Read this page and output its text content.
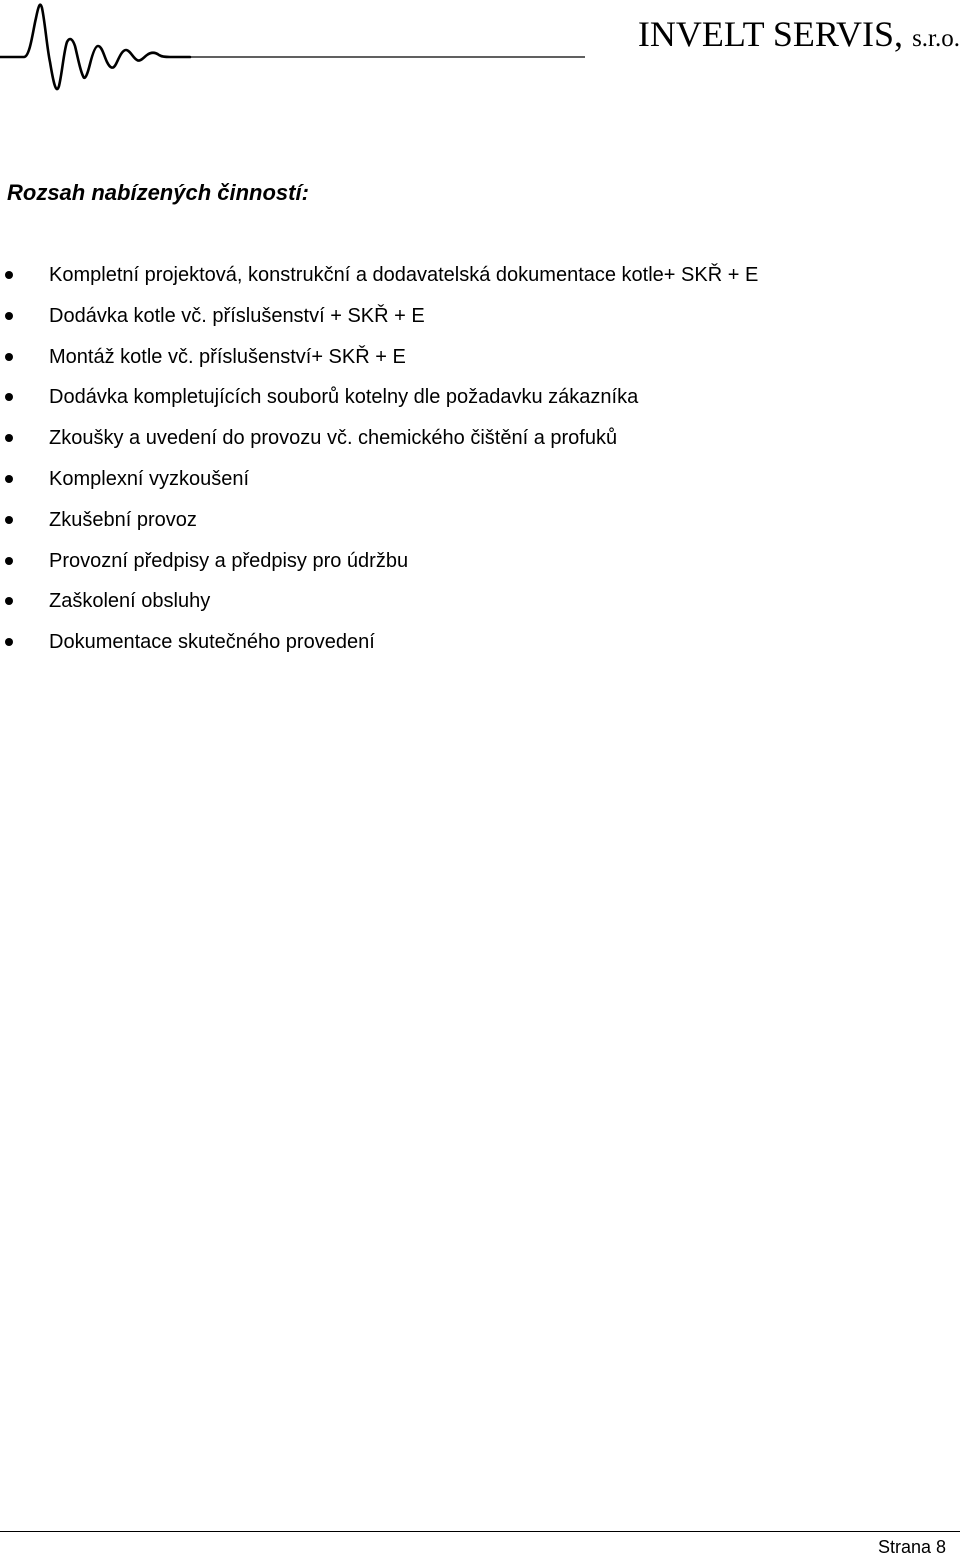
INVELT SERVIS, s.r.o.
Rozsah nabízených činností:
Kompletní projektová, konstrukční a dodavatelská dokumentace kotle+ SKŘ + E
Dodávka kotle vč. příslušenství + SKŘ + E
Montáž kotle vč. příslušenství+ SKŘ + E
Dodávka kompletujících souborů kotelny dle požadavku zákazníka
Zkoušky a uvedení do provozu vč. chemického čištění a profuků
Komplexní vyzkoušení
Zkušební provoz
Provozní předpisy a předpisy pro údržbu
Zaškolení obsluhy
Dokumentace skutečného provedení
Strana 8
